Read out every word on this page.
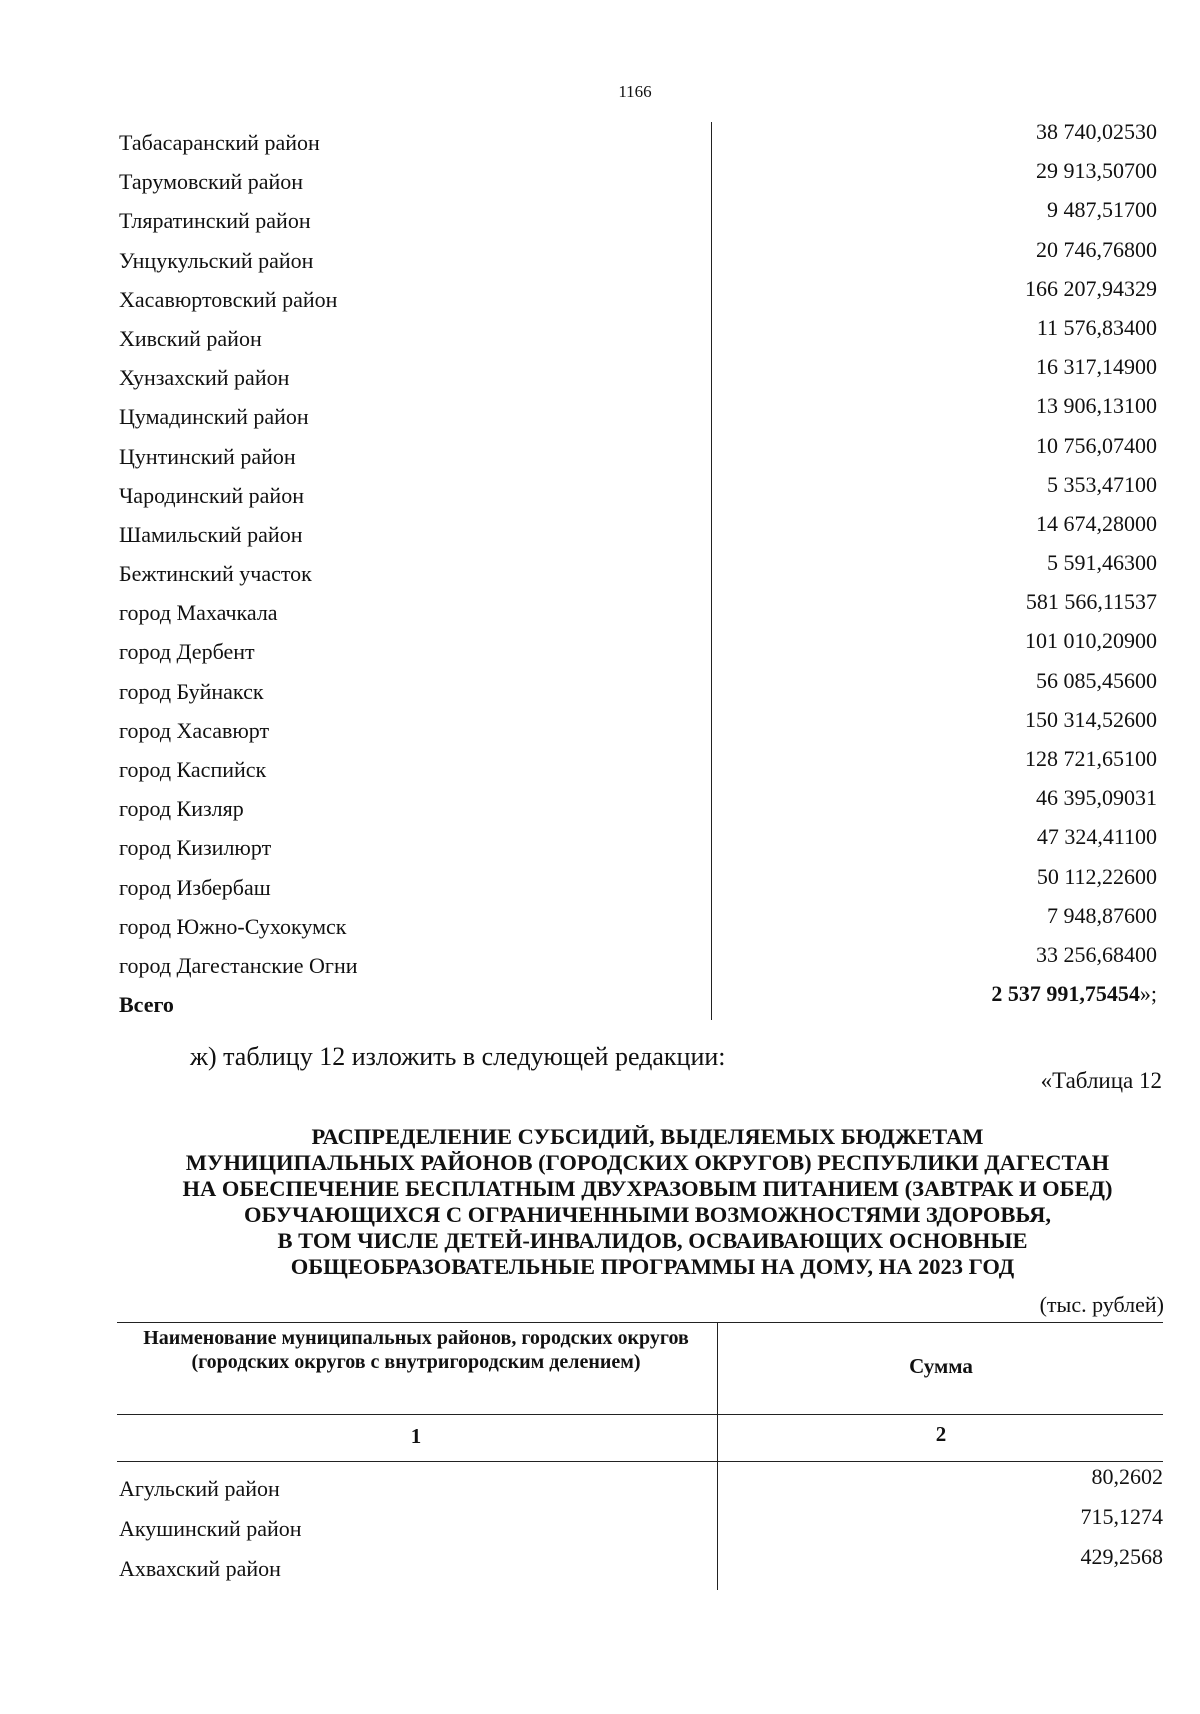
1166
Табасаранский район	38 740,02530
Тарумовский район	29 913,50700
Тляратинский район	9 487,51700
Унцукульский район	20 746,76800
Хасавюртовский район	166 207,94329
Хивский район	11 576,83400
Хунзахский район	16 317,14900
Цумадинский район	13 906,13100
Цунтинский район	10 756,07400
Чародинский район	5 353,47100
Шамильский район	14 674,28000
Бежтинский участок	5 591,46300
город Махачкала	581 566,11537
город Дербент	101 010,20900
город Буйнакск	56 085,45600
город Хасавюрт	150 314,52600
город Каспийск	128 721,65100
город Кизляр	46 395,09031
город Кизилюрт	47 324,41100
город Избербаш	50 112,22600
город Южно-Сухокумск	7 948,87600
город Дагестанские Огни	33 256,68400
Всего	2 537 991,75454»;
ж) таблицу 12 изложить в следующей редакции:
«Таблица 12
РАСПРЕДЕЛЕНИЕ СУБСИДИЙ, ВЫДЕЛЯЕМЫХ БЮДЖЕТАМ
МУНИЦИПАЛЬНЫХ РАЙОНОВ (ГОРОДСКИХ ОКРУГОВ) РЕСПУБЛИКИ ДАГЕСТАН
НА ОБЕСПЕЧЕНИЕ БЕСПЛАТНЫМ ДВУХРАЗОВЫМ ПИТАНИЕМ (ЗАВТРАК И ОБЕД)
ОБУЧАЮЩИХСЯ С ОГРАНИЧЕННЫМИ ВОЗМОЖНОСТЯМИ ЗДОРОВЬЯ,
В ТОМ ЧИСЛЕ ДЕТЕЙ-ИНВАЛИДОВ, ОСВАИВАЮЩИХ ОСНОВНЫЕ
ОБЩЕОБРАЗОВАТЕЛЬНЫЕ ПРОГРАММЫ НА ДОМУ, НА 2023 ГОД
(тыс. рублей)
Наименование муниципальных районов, городских округов (городских округов с внутригородским делением)	Сумма
1	2
Агульский район	80,2602
Акушинский район	715,1274
Ахвахский район	429,2568
